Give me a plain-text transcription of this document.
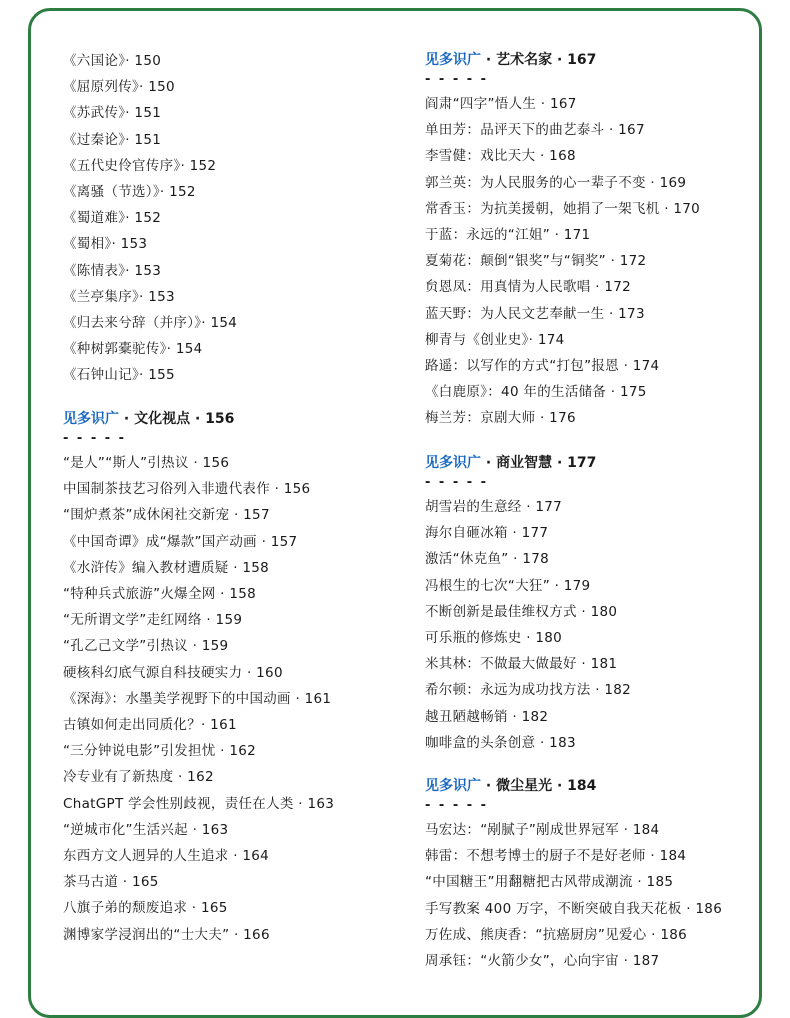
《六国论》· 150
《屈原列传》· 150
《苏武传》· 151
《过秦论》· 151
《五代史伶官传序》· 152
《离骚（节选）》· 152
《蜀道难》· 152
《蜀相》· 153
《陈情表》· 153
《兰亭集序》· 153
《归去来兮辞（并序）》· 154
《种树郭橐驼传》· 154
《石钟山记》· 155
见多识广 · 文化视点 · 156
- - - - -
“是人”“斯人”引热议 · 156
中国制茶技艺习俗列入非遗代表作 · 156
“围炉煮茶”成休闲社交新宠 · 157
《中国奇谭》成“爆款”国产动画 · 157
《水浒传》编入教材遭质疑 · 158
“特种兵式旅游”火爆全网 · 158
“无所谓文学”走红网络 · 159
“孔乙己文学”引热议 · 159
硬核科幻底气源自科技硬实力 · 160
《深海》：水墨美学视野下的中国动画 · 161
古镇如何走出同质化？· 161
“三分钟说电影”引发担忧 · 162
冷专业有了新热度 · 162
ChatGPT 学会性别歧视，责任在人类 · 163
“逆城市化”生活兴起 · 163
东西方文人迥异的人生追求 · 164
茶马古道 · 165
八旗子弟的颓废追求 · 165
渊博家学浸润出的“士大夫” · 166
见多识广 · 艺术名家 · 167
- - - - -
阎肃“四字”悟人生 · 167
单田芳：品评天下的曲艺泰斗 · 167
李雪健：戏比天大 · 168
郭兰英：为人民服务的心一辈子不变 · 169
常香玉：为抗美援朝，她捐了一架飞机 · 170
于蓝：永远的“江姐” · 171
夏菊花：颠倒“银奖”与“铜奖” · 172
贠恩凤：用真情为人民歌唱 · 172
蓝天野：为人民文艺奉献一生 · 173
柳青与《创业史》· 174
路遥：以写作的方式“打包”报恩 · 174
《白鹿原》：40 年的生活储备 · 175
梅兰芳：京剧大师 · 176
见多识广 · 商业智慧 · 177
- - - - -
胡雪岩的生意经 · 177
海尔自砸冰箱 · 177
激活“休克鱼” · 178
冯根生的七次“大狂” · 179
不断创新是最佳维权方式 · 180
可乐瓶的修炼史 · 180
米其林：不做最大做最好 · 181
希尔顿：永远为成功找方法 · 182
越丑陋越畅销 · 182
咖啡盒的头条创意 · 183
见多识广 · 微尘星光 · 184
- - - - -
马宏达：“剐腻子”剐成世界冠军 · 184
韩雷：不想考博士的厨子不是好老师 · 184
“中国糖王”用翻糖把古风带成潮流 · 185
手写教案 400 万字，不断突破自我天花板 · 186
万佐成、熊庚香：“抗癌厨房”见爱心 · 186
周承钰：“火箭少女”，心向宇宙 · 187
